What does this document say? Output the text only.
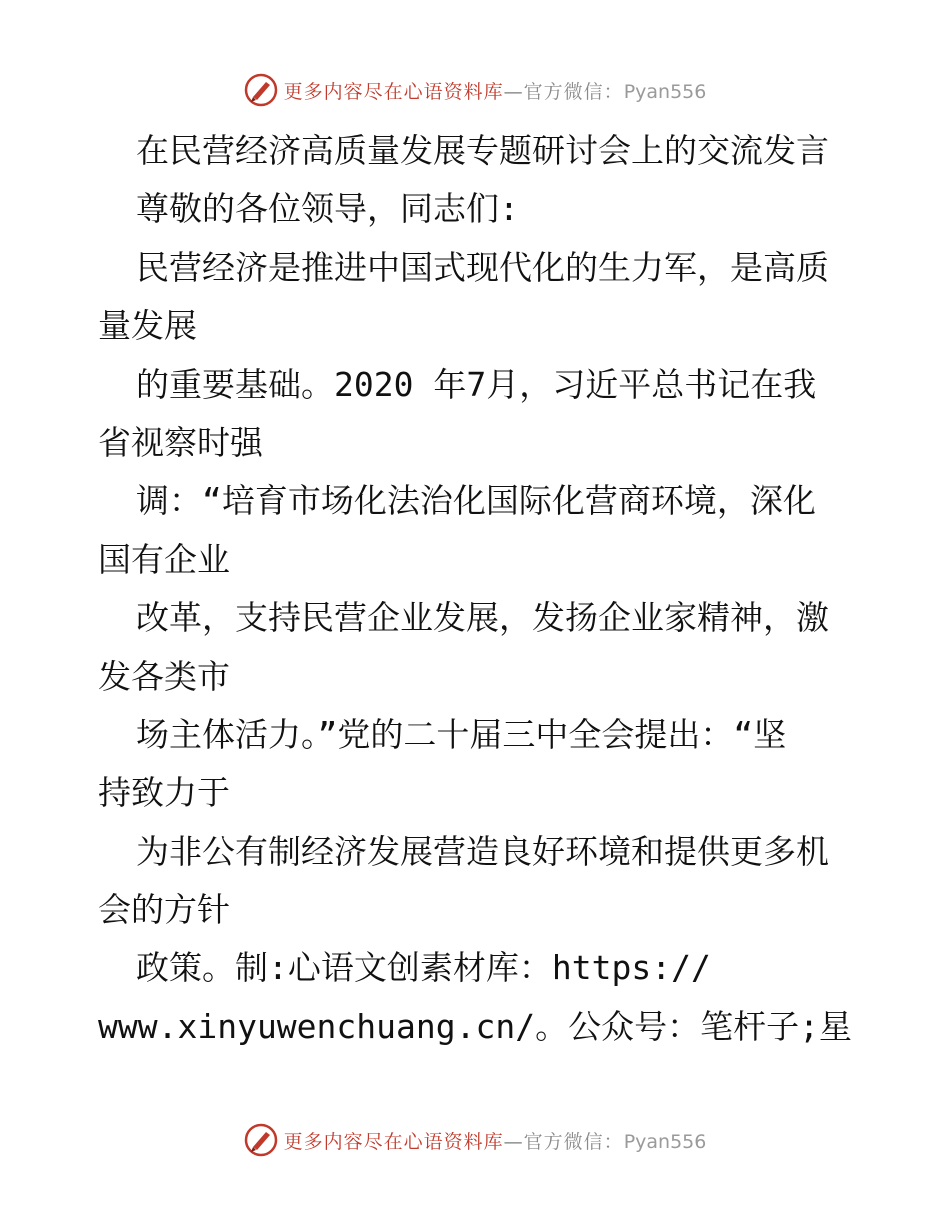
更多内容尽在心语资料库—官方微信：Pyan556
在民营经济高质量发展专题研讨会上的交流发言
尊敬的各位领导，同志们:
民营经济是推进中国式现代化的生力军，是高质
量发展
的重要基础。2020 年7月，习近平总书记在我
省视察时强
调：“培育市场化法治化国际化营商环境，深化
国有企业
改革，支持民营企业发展，发扬企业家精神，激
发各类市
场主体活力。”党的二十届三中全会提出：“坚
持致力于
为非公有制经济发展营造良好环境和提供更多机
会的方针
政策。制:心语文创素材库：https://
www.xinyuwenchuang.cn/。公众号：笔杆子;星
更多内容尽在心语资料库—官方微信：Pyan556
